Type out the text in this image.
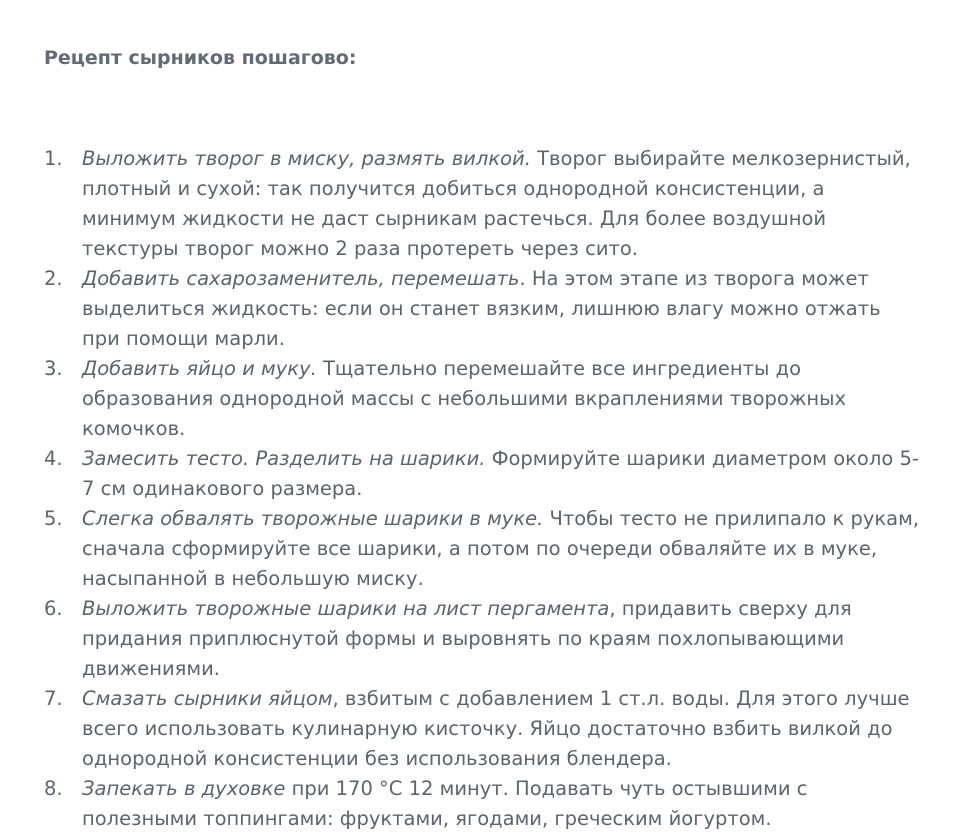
Рецепт сырников пошагово:
1. Выложить творог в миску, размять вилкой. Творог выбирайте мелкозернистый, плотный и сухой: так получится добиться однородной консистенции, а минимум жидкости не даст сырникам растечься. Для более воздушной текстуры творог можно 2 раза протереть через сито.
2. Добавить сахарозаменитель, перемешать. На этом этапе из творога может выделиться жидкость: если он станет вязким, лишнюю влагу можно отжать при помощи марли.
3. Добавить яйцо и муку. Тщательно перемешайте все ингредиенты до образования однородной массы с небольшими вкраплениями творожных комочков.
4. Замесить тесто. Разделить на шарики. Формируйте шарики диаметром около 5-7 см одинакового размера.
5. Слегка обвалять творожные шарики в муке. Чтобы тесто не прилипало к рукам, сначала сформируйте все шарики, а потом по очереди обваляйте их в муке, насыпанной в небольшую миску.
6. Выложить творожные шарики на лист пергамента, придавить сверху для придания приплюснутой формы и выровнять по краям похлопывающими движениями.
7. Смазать сырники яйцом, взбитым с добавлением 1 ст.л. воды. Для этого лучше всего использовать кулинарную кисточку. Яйцо достаточно взбить вилкой до однородной консистенции без использования блендера.
8. Запекать в духовке при 170 °С 12 минут. Подавать чуть остывшими с полезными топпингами: фруктами, ягодами, греческим йогуртом.
